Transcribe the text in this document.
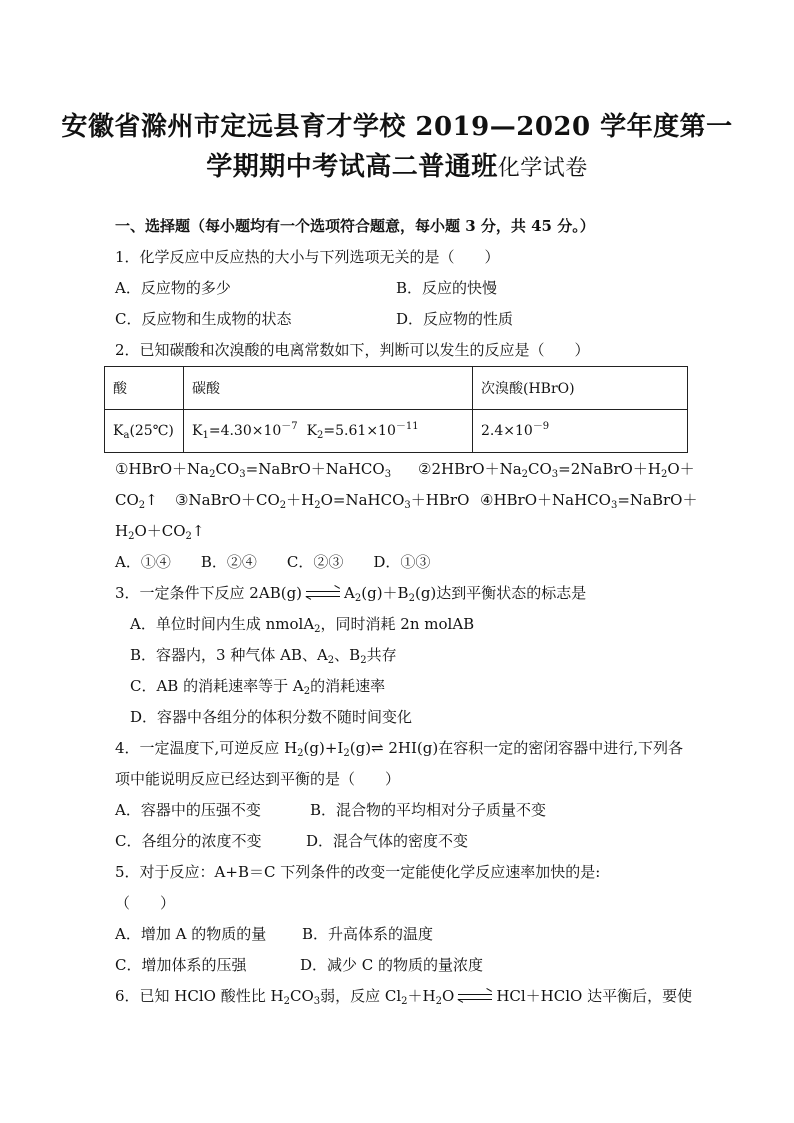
安徽省滁州市定远县育才学校 2019—2020 学年度第一
学期期中考试高二普通班化学试卷
一、选择题（每小题均有一个选项符合题意，每小题 3 分，共 45 分。）
1．化学反应中反应热的大小与下列选项无关的是（　　）
A．反应物的多少	B．反应的快慢
C．反应物和生成物的状态	D．反应物的性质
2．已知碳酸和次溴酸的电离常数如下，判断可以发生的反应是（　　）
酸	碳酸	次溴酸(HBrO)
$K_a(25℃)$	$K_1=4.30\times 10^{-7}$ $K_2=5.61\times 10^{-11}$	$2.4\times 10^{-9}$
$①HBrO+Na_2CO_3=NaBrO+NaHCO_3$ $②2HBrO+Na_2CO_3=2NaBrO+H_2O+$
$CO_2↑$ $③NaBrO+CO_2+H_2O=NaHCO_3+HBrO$ ④HBrO＋NaHCO$_3$=NaBrO＋
$H_2O+CO_2↑$
A．①④　　B．②④　　C．②③　　D．①③
3．一定条件下反应 2AB(g)	$A_2(g)+B_2(g)$达到平衡状态的标志是
A．单位时间内生成 nmolA$_2$，同时消耗 2n molAB
B．容器内，3 种气体 AB、$A_2$、$B_2$共存
C．AB 的消耗速率等于 $A_2$的消耗速率
D．容器中各组分的体积分数不随时间变化
4．一定温度下,可逆反应 $H_2(g)+I_2(g)\rightleftharpoons$ 2HI(g)在容积一定的密闭容器中进行,下列各
项中能说明反应已经达到平衡的是（　　）
A．容器中的压强不变	B．混合物的平均相对分子质量不变
C．各组分的浓度不变	D．混合气体的密度不变
5．对于反应：A+B＝C 下列条件的改变一定能使化学反应速率加快的是:
（　　）
A．增加 A 的物质的量 B．升高体系的温度
C．增加体系的压强	D．减少 C 的物质的量浓度
6．已知 HClO 酸性比 $H_2CO_3$弱，反应 $Cl_2+H_2O$	HCl＋HClO 达平衡后，要使
